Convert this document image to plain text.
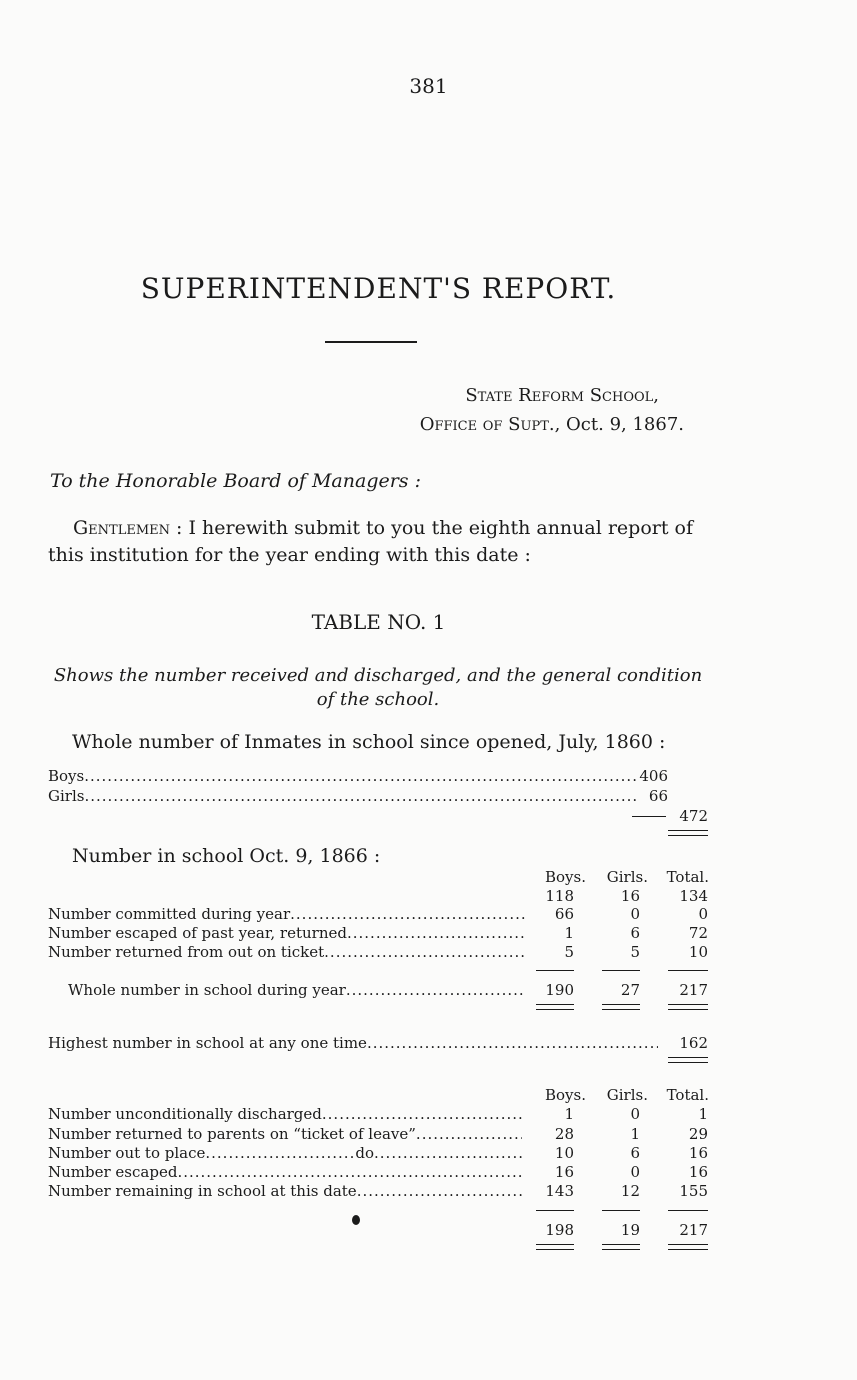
381
SUPERINTENDENT'S REPORT.
State Reform School,
Office of Supt., Oct. 9, 1867.
To the Honorable Board of Managers :
Gentlemen : I herewith submit to you the eighth annual report of this institution for the year ending with this date :
TABLE NO. 1
Shows the number received and discharged, and the general condition of the school.
Whole number of Inmates in school since opened, July, 1860 :
Boys .....	406
Girls .....	66
472
Number in school Oct. 9, 1866 :
Boys.	Girls.	Total.
118	16	134
Number committed during year .....	66	0	0
Number escaped of past year, returned .....	1	6	72
Number returned from out on ticket .....	5	5	10
Whole number in school during year .....	190	27	217
Highest number in school at any one time .....	162
Boys.	Girls.	Total.
Number unconditionally discharged .....	1	0	1
Number returned to parents on “ticket of leave” .....	28	1	29
Number out to place .....	do .....	10	6	16
Number escaped .....	16	0	16
Number remaining in school at this date .....	143	12	155
198	19	217
